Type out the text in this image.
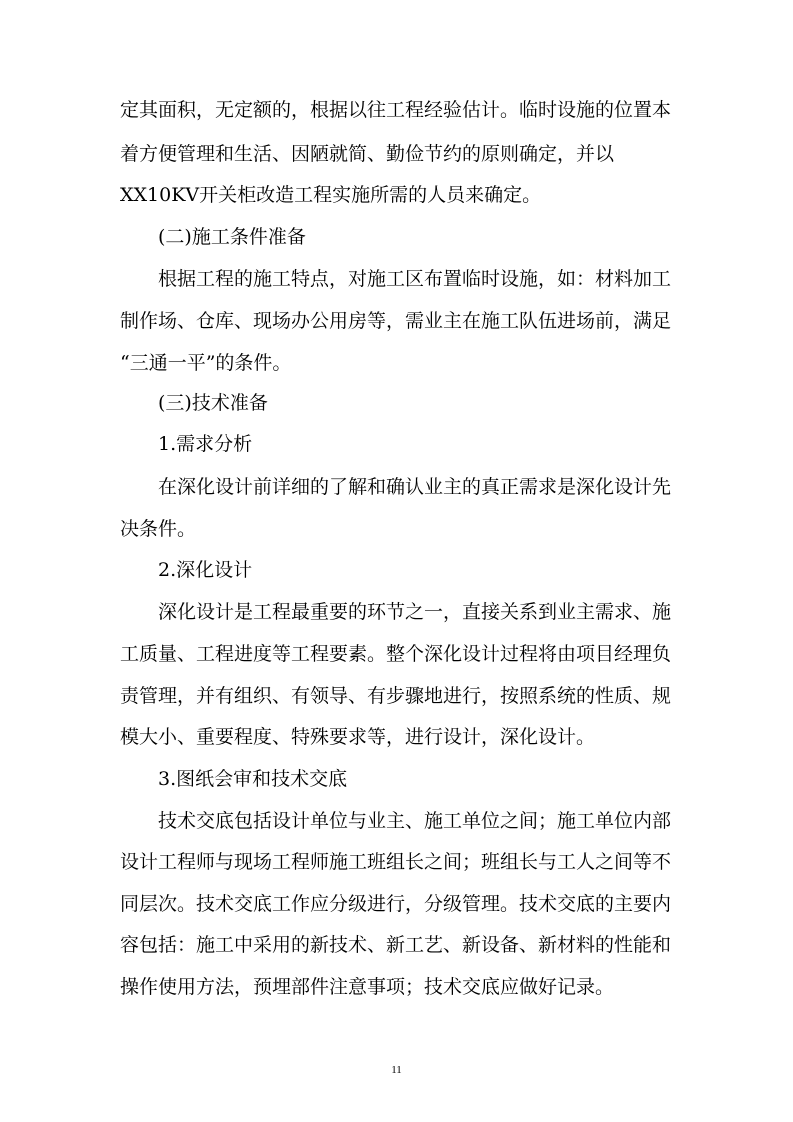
定其面积，无定额的，根据以往工程经验估计。临时设施的位置本
着方便管理和生活、因陋就简、勤俭节约的原则确定，并以
XX10KV开关柜改造工程实施所需的人员来确定。
(二)施工条件准备
根据工程的施工特点，对施工区布置临时设施，如：材料加工
制作场、仓库、现场办公用房等，需业主在施工队伍进场前，满足
“三通一平”的条件。
(三)技术准备
1.需求分析
在深化设计前详细的了解和确认业主的真正需求是深化设计先
决条件。
2.深化设计
深化设计是工程最重要的环节之一，直接关系到业主需求、施
工质量、工程进度等工程要素。整个深化设计过程将由项目经理负
责管理，并有组织、有领导、有步骤地进行，按照系统的性质、规
模大小、重要程度、特殊要求等，进行设计，深化设计。
3.图纸会审和技术交底
技术交底包括设计单位与业主、施工单位之间；施工单位内部
设计工程师与现场工程师施工班组长之间；班组长与工人之间等不
同层次。技术交底工作应分级进行，分级管理。技术交底的主要内
容包括：施工中采用的新技术、新工艺、新设备、新材料的性能和
操作使用方法，预埋部件注意事项；技术交底应做好记录。
11
